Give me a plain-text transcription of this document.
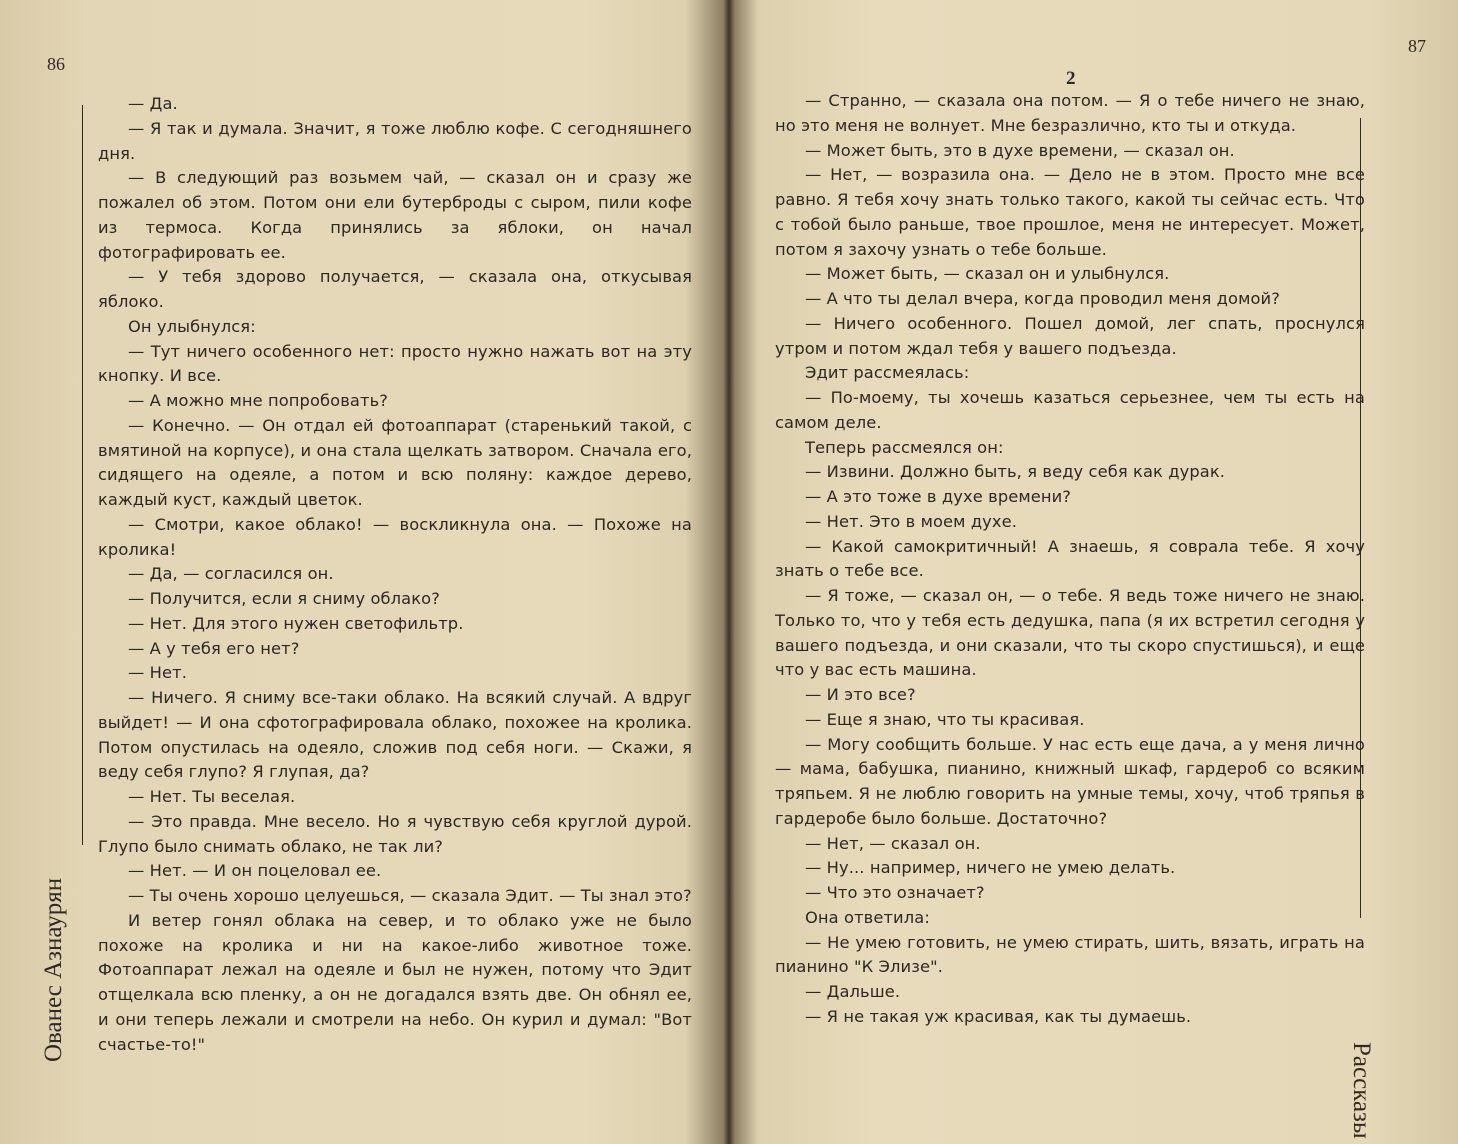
86
Ованес Азнаурян

— Да.

— Я так и думала. Значит, я тоже люблю кофе. С сегодняшнего дня.

— В следующий раз возьмем чай, — сказал он и сразу же пожалел об этом. Потом они ели бутерброды с сыром, пили кофе из термоса. Когда принялись за яблоки, он начал фотографировать ее.

— У тебя здорово получается, — сказала она, откусывая яблоко.

Он улыбнулся:

— Тут ничего особенного нет: просто нужно нажать вот на эту кнопку. И все.

— А можно мне попробовать?

— Конечно. — Он отдал ей фотоаппарат (старенький такой, с вмятиной на корпусе), и она стала щелкать затвором. Сначала его, сидящего на одеяле, а потом и всю поляну: каждое дерево, каждый куст, каждый цветок.

— Смотри, какое облако! — воскликнула она. — Похоже на кролика!

— Да, — согласился он.

— Получится, если я сниму облако?

— Нет. Для этого нужен светофильтр.

— А у тебя его нет?

— Нет.

— Ничего. Я сниму все-таки облако. На всякий случай. А вдруг выйдет! — И она сфотографировала облако, похожее на кролика. Потом опустилась на одеяло, сложив под себя ноги. — Скажи, я веду себя глупо? Я глупая, да?

— Нет. Ты веселая.

— Это правда. Мне весело. Но я чувствую себя круглой дурой. Глупо было снимать облако, не так ли?

— Нет. — И он поцеловал ее.

— Ты очень хорошо целуешься, — сказала Эдит. — Ты знал это?

И ветер гонял облака на север, и то облако уже не было похоже на кролика и ни на какое-либо животное тоже. Фотоаппарат лежал на одеяле и был не нужен, потому что Эдит отщелкала всю пленку, а он не догадался взять две. Он обнял ее, и они теперь лежали и смотрели на небо. Он курил и думал: "Вот счастье-то!"

87
2
Рассказы

— Странно, — сказала она потом. — Я о тебе ничего не знаю, но это меня не волнует. Мне безразлично, кто ты и откуда.

— Может быть, это в духе времени, — сказал он.

— Нет, — возразила она. — Дело не в этом. Просто мне все равно. Я тебя хочу знать только такого, какой ты сейчас есть. Что с тобой было раньше, твое прошлое, меня не интересует. Может, потом я захочу узнать о тебе больше.

— Может быть, — сказал он и улыбнулся.

— А что ты делал вчера, когда проводил меня домой?

— Ничего особенного. Пошел домой, лег спать, проснулся утром и потом ждал тебя у вашего подъезда.

Эдит рассмеялась:

— По-моему, ты хочешь казаться серьезнее, чем ты есть на самом деле.

Теперь рассмеялся он:

— Извини. Должно быть, я веду себя как дурак.

— А это тоже в духе времени?

— Нет. Это в моем духе.

— Какой самокритичный! А знаешь, я соврала тебе. Я хочу знать о тебе все.

— Я тоже, — сказал он, — о тебе. Я ведь тоже ничего не знаю. Только то, что у тебя есть дедушка, папа (я их встретил сегодня у вашего подъезда, и они сказали, что ты скоро спустишься), и еще что у вас есть машина.

— И это все?

— Еще я знаю, что ты красивая.

— Могу сообщить больше. У нас есть еще дача, а у меня лично — мама, бабушка, пианино, книжный шкаф, гардероб со всяким тряпьем. Я не люблю говорить на умные темы, хочу, чтоб тряпья в гардеробе было больше. Достаточно?

— Нет, — сказал он.

— Ну... например, ничего не умею делать.

— Что это означает?

Она ответила:

— Не умею готовить, не умею стирать, шить, вязать, играть на пианино "К Элизе".

— Дальше.

— Я не такая уж красивая, как ты думаешь.
